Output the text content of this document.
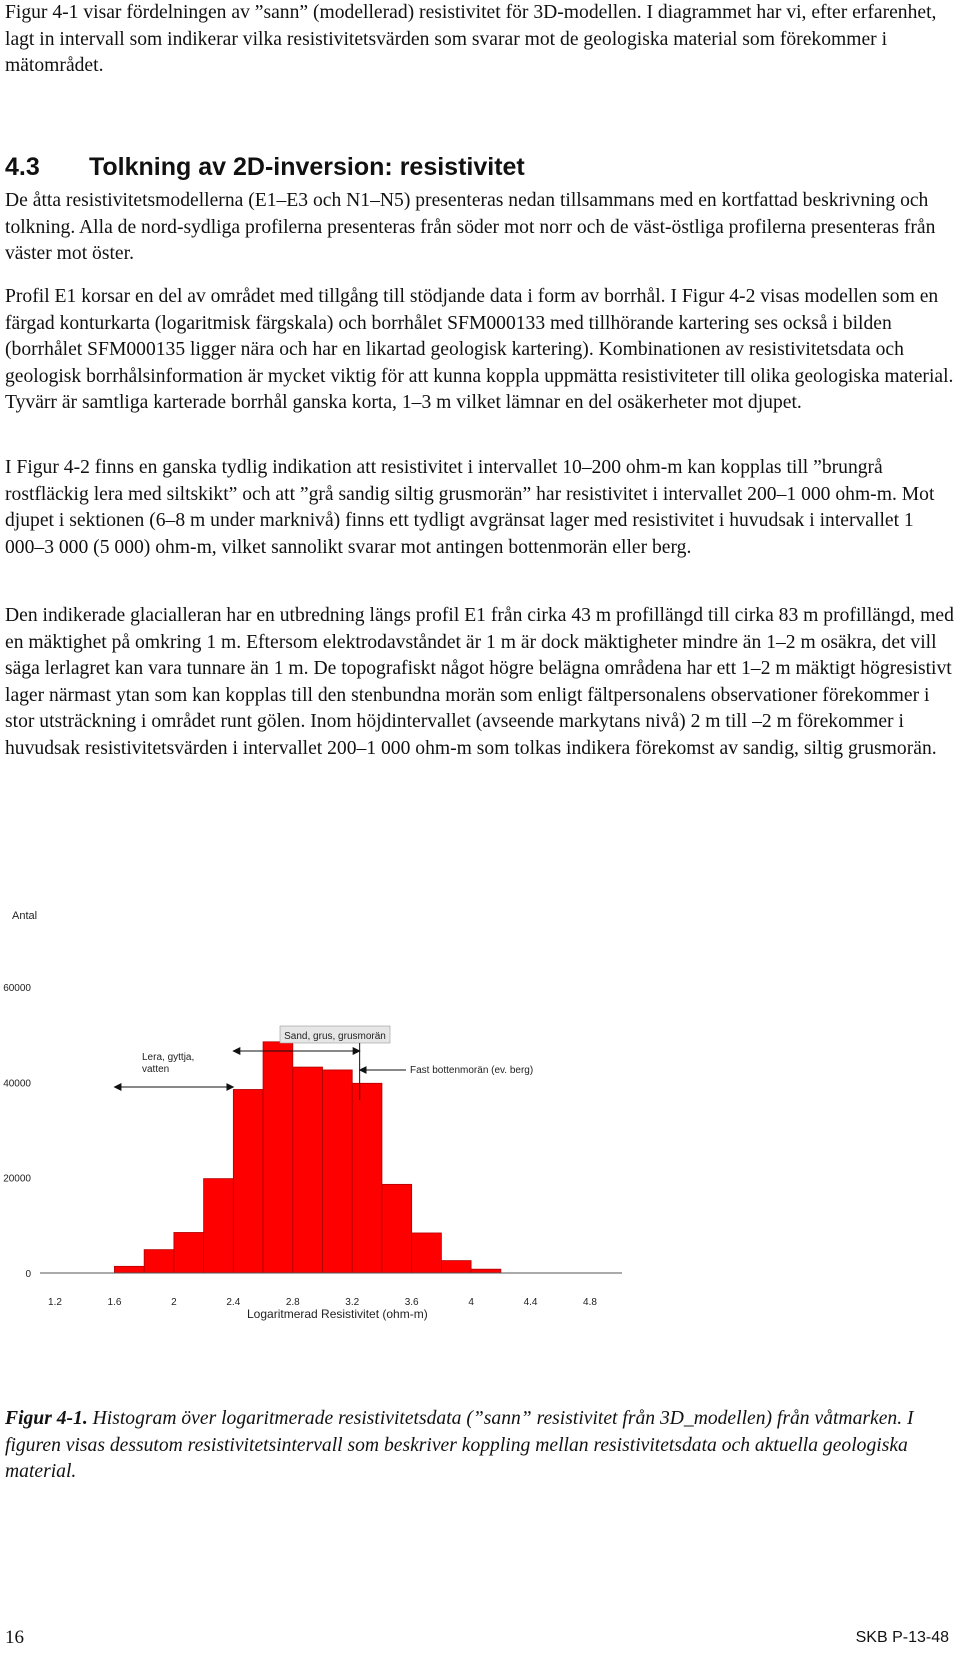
Figur 4-1 visar fördelningen av ”sann” (modellerad) resistivitet för 3D-modellen. I diagrammet har vi, efter erfarenhet, lagt in intervall som indikerar vilka resistivitetsvärden som svarar mot de geologiska material som förekommer i mätområdet.

4.3 Tolkning av 2D-inversion: resistivitet

De åtta resistivitetsmodellerna (E1–E3 och N1–N5) presenteras nedan tillsammans med en kortfattad beskrivning och tolkning. Alla de nord-sydliga profilerna presenteras från söder mot norr och de väst-östliga profilerna presenteras från väster mot öster.

Profil E1 korsar en del av området med tillgång till stödjande data i form av borrhål. I Figur 4-2 visas modellen som en färgad konturkarta (logaritmisk färgskala) och borrhålet SFM000133 med tillhörande kartering ses också i bilden (borrhålet SFM000135 ligger nära och har en likartad geologisk kartering). Kombinationen av resistivitetsdata och geologisk borrhålsinformation är mycket viktig för att kunna koppla uppmätta resistiviteter till olika geologiska material. Tyvärr är samtliga karterade borrhål ganska korta, 1–3 m vilket lämnar en del osäkerheter mot djupet.

I Figur 4-2 finns en ganska tydlig indikation att resistivitet i intervallet 10–200 ohm-m kan kopplas till ”brungrå rostfläckig lera med siltskikt” och att ”grå sandig siltig grusmorän” har resistivitet i intervallet 200–1 000 ohm-m. Mot djupet i sektionen (6–8 m under marknivå) finns ett tydligt avgränsat lager med resistivitet i huvudsak i intervallet 1 000–3 000 (5 000) ohm-m, vilket sannolikt svarar mot antingen bottenmorän eller berg.

Den indikerade glacialleran har en utbredning längs profil E1 från cirka 43 m profillängd till cirka 83 m profillängd, med en mäktighet på omkring 1 m. Eftersom elektrodavståndet är 1 m är dock mäktigheter mindre än 1–2 m osäkra, det vill säga lerlagret kan vara tunnare än 1 m. De topografiskt något högre belägna områdena har ett 1–2 m mäktigt högresistivt lager närmast ytan som kan kopplas till den stenbundna morän som enligt fältpersonalens observationer förekommer i stor utsträckning i området runt gölen. Inom höjdintervallet (avseende markytans nivå) 2 m till –2 m förekommer i huvudsak resistivitetsvärden i intervallet 200–1 000 ohm-m som tolkas indikera förekomst av sandig, siltig grusmorän.

Antal
0
20000
40000
60000
1.2	1.6	2	2.4	2.8	3.2	3.6	4	4.4	4.8
Lera, gyttja, vatten
Sand, grus, grusmorän
Fast bottenmorän (ev. berg)
Logaritmerad Resistivitet (ohm-m)

Figur 4-1. Histogram över logaritmerade resistivitetsdata (”sann” resistivitet från 3D_modellen) från våtmarken. I figuren visas dessutom resistivitetsintervall som beskriver koppling mellan resistivitetsdata och aktuella geologiska material.

16	SKB P-13-48
